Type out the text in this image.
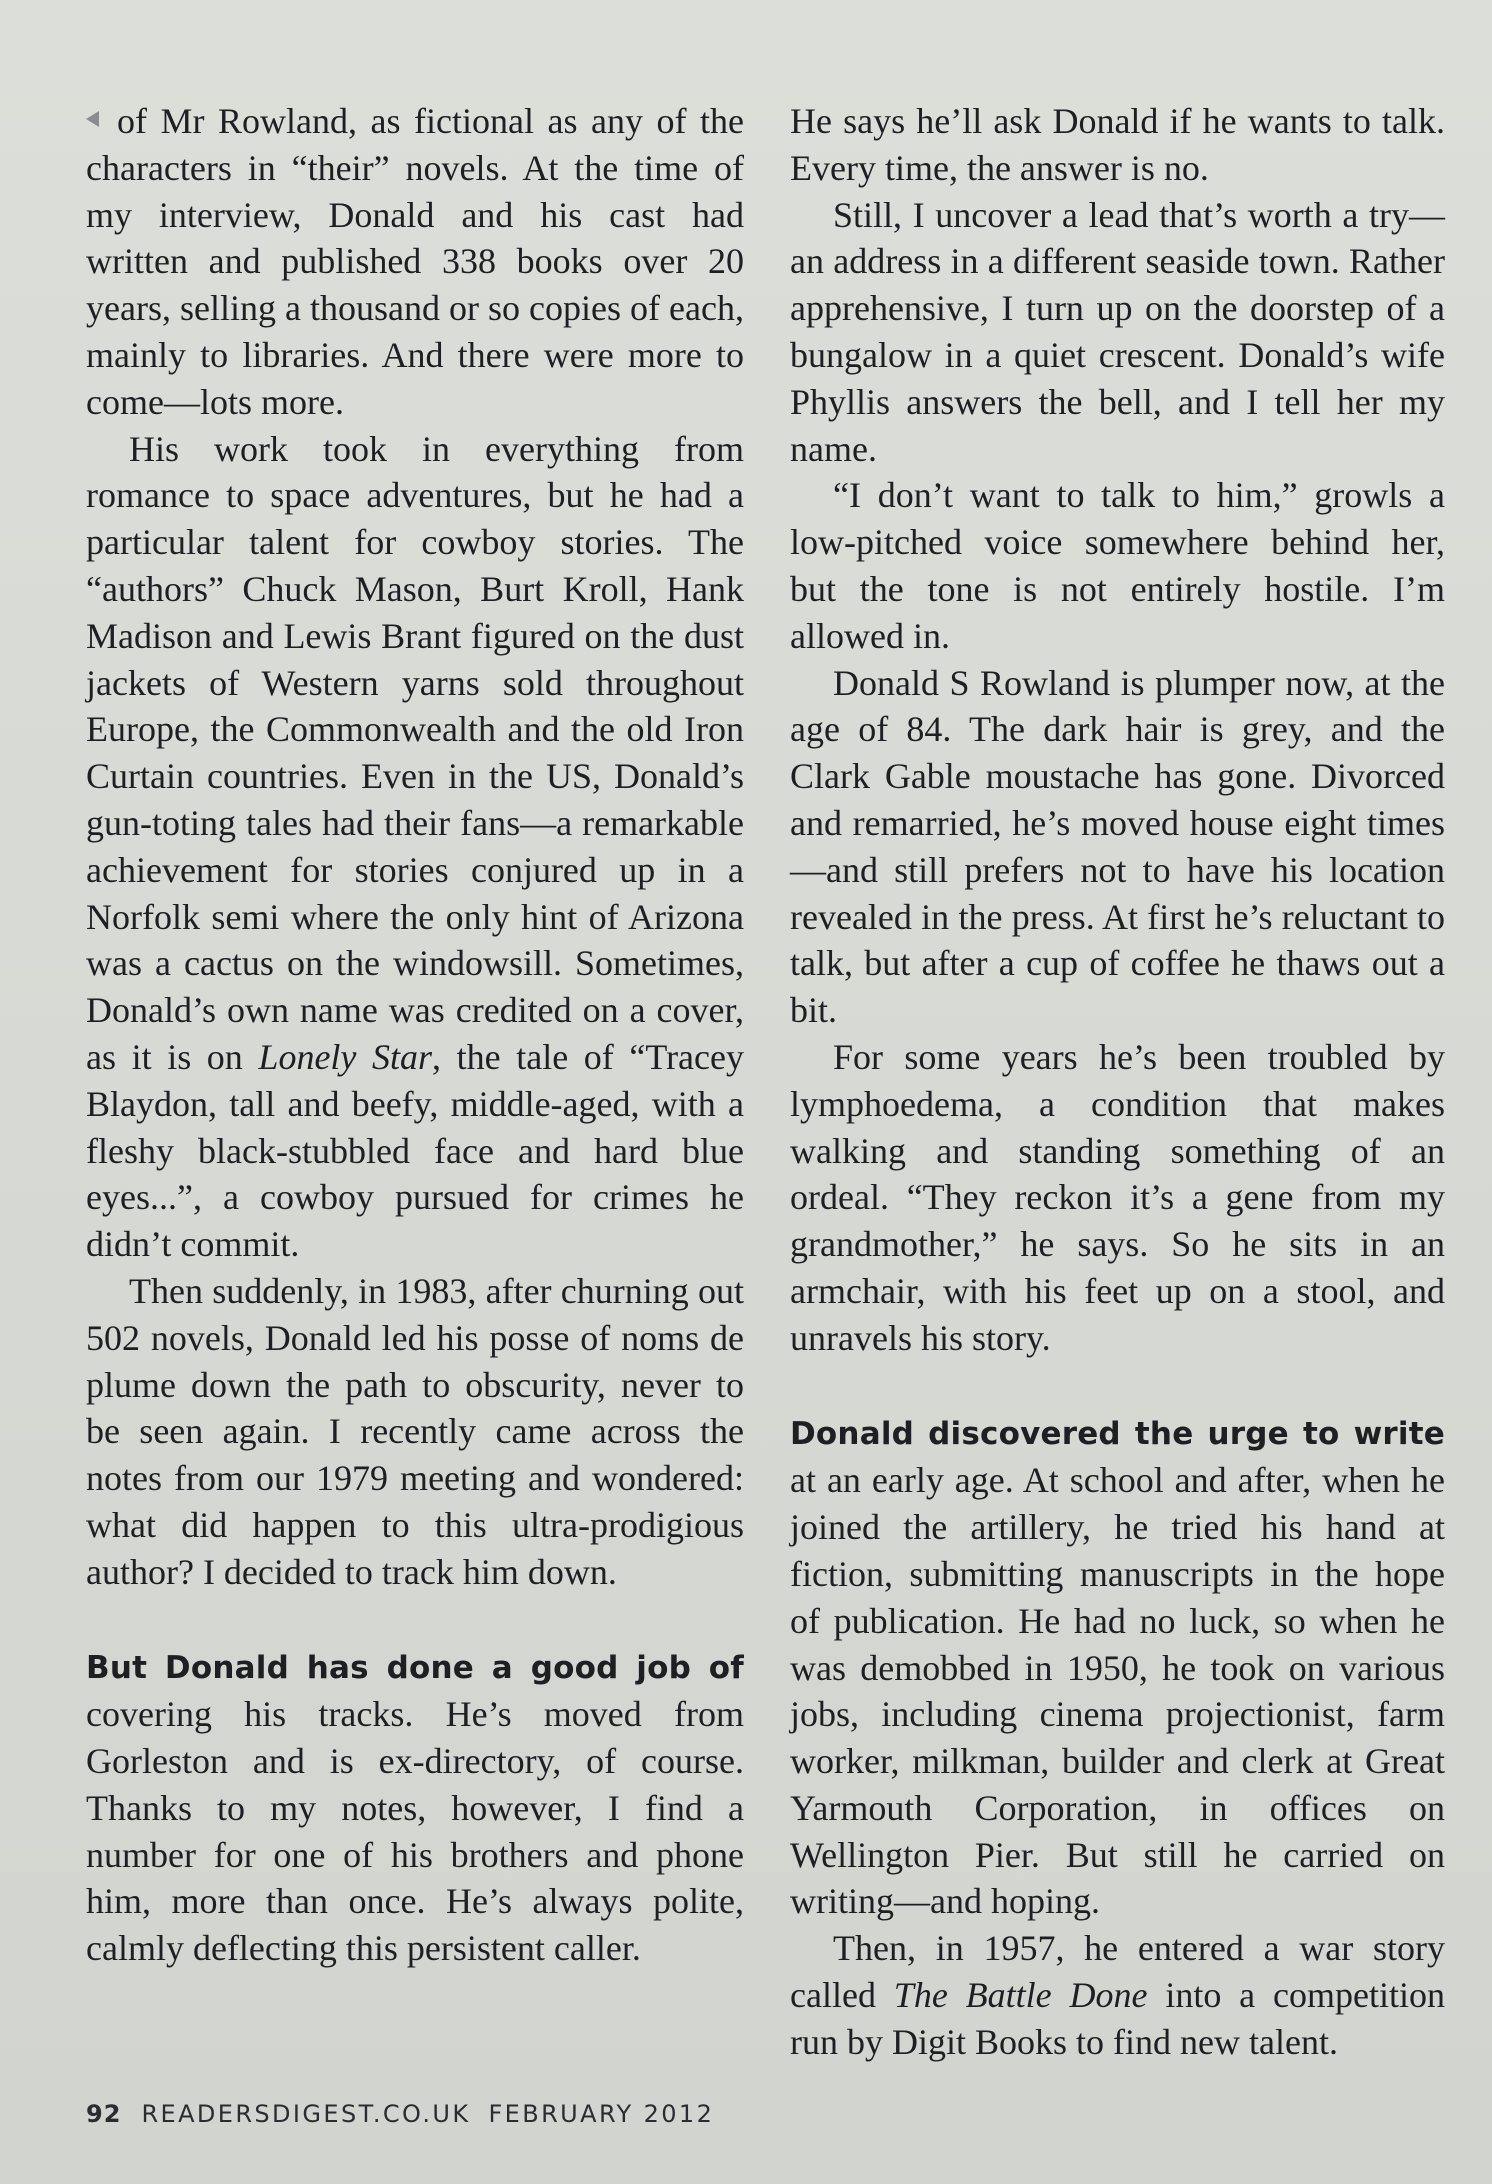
of Mr Rowland, as fictional as any of the characters in “their” novels. At the time of my interview, Donald and his cast had written and published 338 books over 20 years, selling a thousand or so copies of each, mainly to libraries. And there were more to come—lots more.

His work took in everything from romance to space adventures, but he had a particular talent for cowboy stories. The “authors” Chuck Mason, Burt Kroll, Hank Madison and Lewis Brant figured on the dust jackets of Western yarns sold throughout Europe, the Commonwealth and the old Iron Curtain countries. Even in the US, Donald’s gun-toting tales had their fans—a remarkable achievement for stories conjured up in a Norfolk semi where the only hint of Arizona was a cactus on the windowsill. Sometimes, Donald’s own name was credited on a cover, as it is on Lonely Star, the tale of “Tracey Blaydon, tall and beefy, middle-aged, with a fleshy black-stubbled face and hard blue eyes...”, a cowboy pursued for crimes he didn’t commit.

Then suddenly, in 1983, after churning out 502 novels, Donald led his posse of noms de plume down the path to obscurity, never to be seen again. I recently came across the notes from our 1979 meeting and wondered: what did happen to this ultra-prodigious author? I decided to track him down.

But Donald has done a good job of covering his tracks. He’s moved from Gorleston and is ex-directory, of course. Thanks to my notes, however, I find a number for one of his brothers and phone him, more than once. He’s always polite, calmly deflecting this persistent caller.

He says he’ll ask Donald if he wants to talk. Every time, the answer is no.

Still, I uncover a lead that’s worth a try—an address in a different seaside town. Rather apprehensive, I turn up on the doorstep of a bungalow in a quiet crescent. Donald’s wife Phyllis answers the bell, and I tell her my name.

“I don’t want to talk to him,” growls a low-pitched voice somewhere behind her, but the tone is not entirely hostile. I’m allowed in.

Donald S Rowland is plumper now, at the age of 84. The dark hair is grey, and the Clark Gable moustache has gone. Divorced and remarried, he’s moved house eight times—and still prefers not to have his location revealed in the press. At first he’s reluctant to talk, but after a cup of coffee he thaws out a bit.

For some years he’s been troubled by lymphoedema, a condition that makes walking and standing something of an ordeal. “They reckon it’s a gene from my grandmother,” he says. So he sits in an armchair, with his feet up on a stool, and unravels his story.

Donald discovered the urge to write at an early age. At school and after, when he joined the artillery, he tried his hand at fiction, submitting manuscripts in the hope of publication. He had no luck, so when he was demobbed in 1950, he took on various jobs, including cinema projectionist, farm worker, milkman, builder and clerk at Great Yarmouth Corporation, in offices on Wellington Pier. But still he carried on writing—and hoping.

Then, in 1957, he entered a war story called The Battle Done into a competition run by Digit Books to find new talent.

92 READERSDIGEST.CO.UK FEBRUARY 2012
